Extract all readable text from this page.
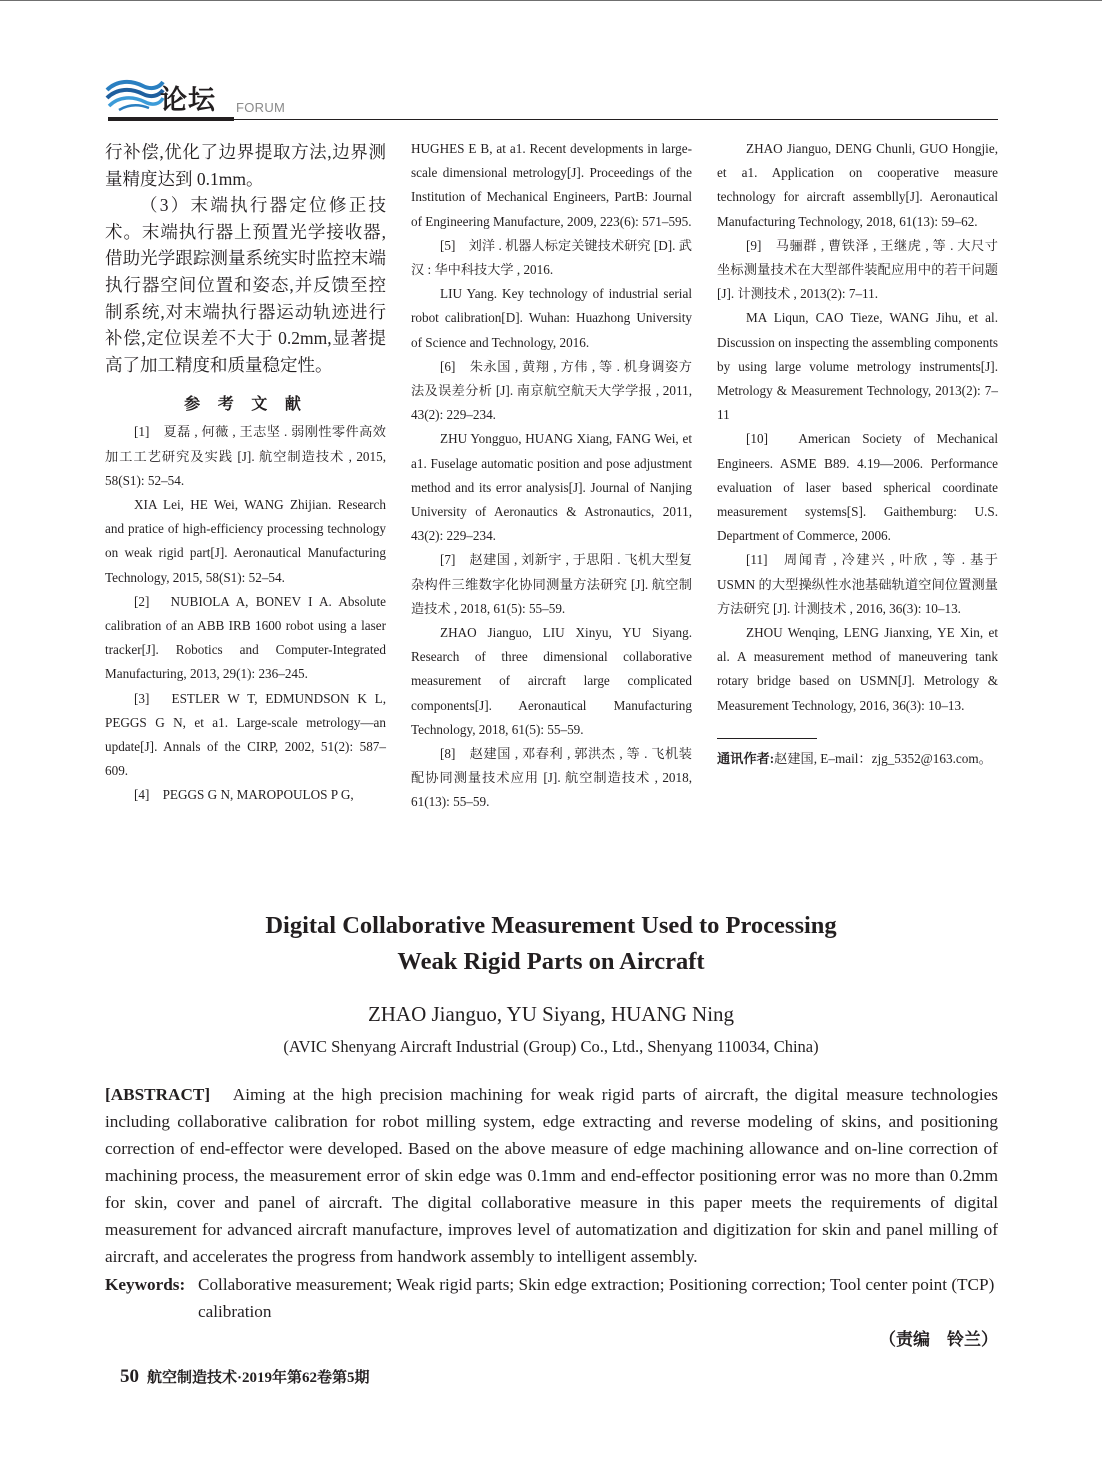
论坛 FORUM

行补偿,优化了边界提取方法,边界测量精度达到 0.1mm。

（3）末端执行器定位修正技术。末端执行器上预置光学接收器,借助光学跟踪测量系统实时监控末端执行器空间位置和姿态,并反馈至控制系统,对末端执行器运动轨迹进行补偿,定位误差不大于 0.2mm,显著提高了加工精度和质量稳定性。

参 考 文 献

[1]　夏磊 , 何薇 , 王志坚 . 弱刚性零件高效加工工艺研究及实践 [J]. 航空制造技术 , 2015, 58(S1): 52–54.

XIA Lei, HE Wei, WANG Zhijian. Research and pratice of high-efficiency processing technology on weak rigid part[J]. Aeronautical Manufacturing Technology, 2015, 58(S1): 52–54.

[2]　NUBIOLA A, BONEV I A. Absolute calibration of an ABB IRB 1600 robot using a laser tracker[J]. Robotics and Computer-Integrated Manufacturing, 2013, 29(1): 236–245.

[3]　ESTLER W T, EDMUNDSON K L, PEGGS G N, et a1. Large-scale metrology—an update[J]. Annals of the CIRP, 2002, 51(2): 587–609.

[4]　PEGGS G N, MAROPOULOS P G,

HUGHES E B, at a1. Recent developments in large-scale dimensional metrology[J]. Proceedings of the Institution of Mechanical Engineers, PartB: Journal of Engineering Manufacture, 2009, 223(6): 571–595.

[5]　刘洋 . 机器人标定关键技术研究 [D]. 武汉 : 华中科技大学 , 2016.

LIU Yang. Key technology of industrial serial robot calibration[D]. Wuhan: Huazhong University of Science and Technology, 2016.

[6]　朱永国 , 黄翔 , 方伟 , 等 . 机身调姿方法及误差分析 [J]. 南京航空航天大学学报 , 2011, 43(2): 229–234.

ZHU Yongguo, HUANG Xiang, FANG Wei, et a1. Fuselage automatic position and pose adjustment method and its error analysis[J]. Journal of Nanjing University of Aeronautics & Astronautics, 2011, 43(2): 229–234.

[7]　赵建国 , 刘新宇 , 于思阳 . 飞机大型复杂构件三维数字化协同测量方法研究 [J]. 航空制造技术 , 2018, 61(5): 55–59.

ZHAO Jianguo, LIU Xinyu, YU Siyang. Research of three dimensional collaborative measurement of aircraft large complicated components[J]. Aeronautical Manufacturing Technology, 2018, 61(5): 55–59.

[8]　赵建国 , 邓春利 , 郭洪杰 , 等 . 飞机装配协同测量技术应用 [J]. 航空制造技术 , 2018, 61(13): 55–59.

ZHAO Jianguo, DENG Chunli, GUO Hongjie, et a1. Application on cooperative measure technology for aircraft assemblly[J]. Aeronautical Manufacturing Technology, 2018, 61(13): 59–62.

[9]　马骊群 , 曹铁泽 , 王继虎 , 等 . 大尺寸坐标测量技术在大型部件装配应用中的若干问题 [J]. 计测技术 , 2013(2): 7–11.

MA Liqun, CAO Tieze, WANG Jihu, et al. Discussion on inspecting the assembling components by using large volume metrology instruments[J]. Metrology & Measurement Technology, 2013(2): 7–11

[10]　American Society of Mechanical Engineers. ASME B89. 4.19—2006. Performance evaluation of laser based spherical coordinate measurement systems[S]. Gaithemburg: U.S. Department of Commerce, 2006.

[11]　周闻青 , 冷建兴 , 叶欣 , 等 . 基于 USMN 的大型操纵性水池基础轨道空间位置测量方法研究 [J]. 计测技术 , 2016, 36(3): 10–13.

ZHOU Wenqing, LENG Jianxing, YE Xin, et al. A measurement method of maneuvering tank rotary bridge based on USMN[J]. Metrology & Measurement Technology, 2016, 36(3): 10–13.

通讯作者:赵建国, E–mail：zjg_5352@163.com。

Digital Collaborative Measurement Used to Processing
Weak Rigid Parts on Aircraft
ZHAO Jianguo, YU Siyang, HUANG Ning
(AVIC Shenyang Aircraft Industrial (Group) Co., Ltd., Shenyang 110034, China)
[ABSTRACT] Aiming at the high precision machining for weak rigid parts of aircraft, the digital measure technologies including collaborative calibration for robot milling system, edge extracting and reverse modeling of skins, and positioning correction of end-effector were developed. Based on the above measure of edge machining allowance and on-line correction of machining process, the measurement error of skin edge was 0.1mm and end-effector positioning error was no more than 0.2mm for skin, cover and panel of aircraft. The digital collaborative measure in this paper meets the requirements of digital measurement for advanced aircraft manufacture, improves level of automatization and digitization for skin and panel milling of aircraft, and accelerates the progress from handwork assembly to intelligent assembly.
Keywords: Collaborative measurement; Weak rigid parts; Skin edge extraction; Positioning correction; Tool center point (TCP) calibration
（责编　铃兰）
50 航空制造技术·2019年第62卷第5期
